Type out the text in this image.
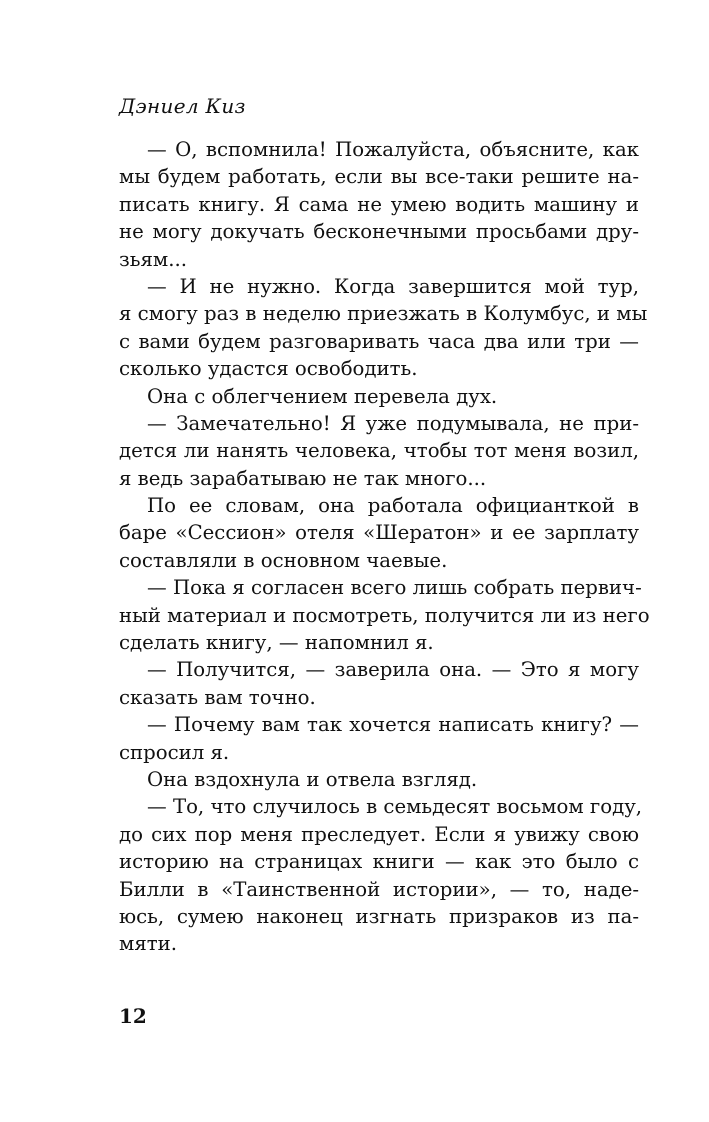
Дэниел Киз
— О, вспомнила! Пожалуйста, объясните, как
мы будем работать, если вы все-таки решите на-
писать книгу. Я сама не умею водить машину и
не могу докучать бесконечными просьбами дру-
зьям...
— И не нужно. Когда завершится мой тур,
я смогу раз в неделю приезжать в Колумбус, и мы
с вами будем разговаривать часа два или три —
сколько удастся освободить.
Она с облегчением перевела дух.
— Замечательно! Я уже подумывала, не при-
дется ли нанять человека, чтобы тот меня возил,
я ведь зарабатываю не так много...
По ее словам, она работала официанткой в
баре «Сессион» отеля «Шератон» и ее зарплату
составляли в основном чаевые.
— Пока я согласен всего лишь собрать первич-
ный материал и посмотреть, получится ли из него
сделать книгу, — напомнил я.
— Получится, — заверила она. — Это я могу
сказать вам точно.
— Почему вам так хочется написать книгу? —
спросил я.
Она вздохнула и отвела взгляд.
— То, что случилось в семьдесят восьмом году,
до сих пор меня преследует. Если я увижу свою
историю на страницах книги — как это было с
Билли в «Таинственной истории», — то, наде-
юсь, сумею наконец изгнать призраков из па-
мяти.
12
